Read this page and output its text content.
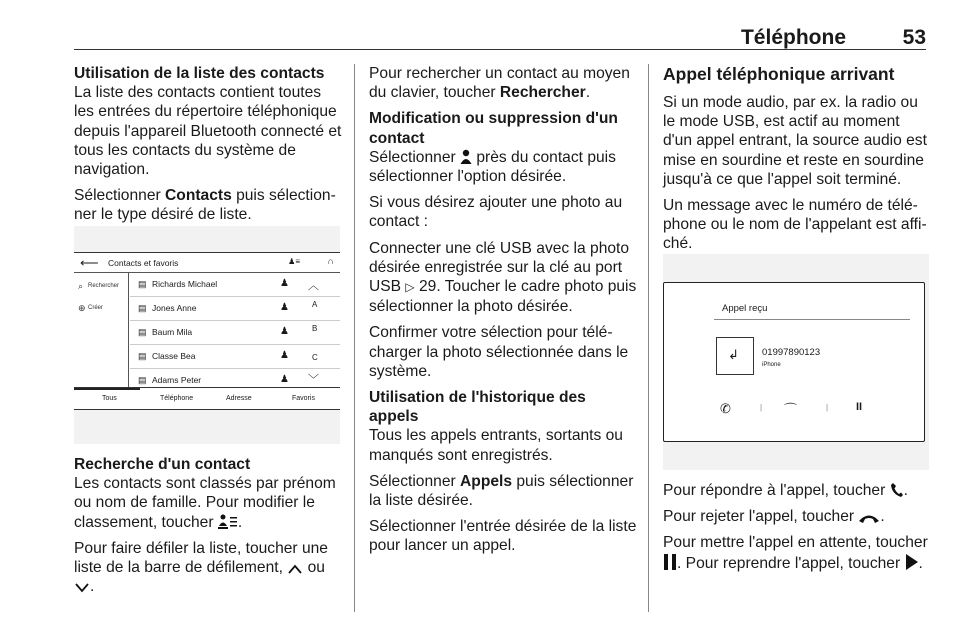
Téléphone	53
Utilisation de la liste des contacts

La liste des contacts contient toutes les entrées du répertoire téléphonique depuis l'appareil Bluetooth connecté et tous les contacts du système de navigation.

Sélectionner Contacts puis sélectionner le type désiré de liste.

⟵ Contacts et favoris	♟≡	∩
⌕ Rechercher
⊕ Créer
▤ Richards Michael	♟ ︿
▤ Jones Anne	♟	A
▤ Baum Mila	♟	B
▤ Classe Bea	♟	C
▤ Adams Peter	♟ ﹀
Tous	Téléphone	Adresse	Favoris
Recherche d'un contact

Les contacts sont classés par prénom ou nom de famille. Pour modifier le classement, toucher .

Pour faire défiler la liste, toucher une liste de la barre de défilement,  ou
.

Pour rechercher un contact au moyen du clavier, toucher Rechercher.

Modification ou suppression d'un contact

Sélectionner  près du contact puis sélectionner l'option désirée.

Si vous désirez ajouter une photo au contact :

Connecter une clé USB avec la photo désirée enregistrée sur la clé au port USB ▷ 29. Toucher le cadre photo puis sélectionner la photo désirée.

Confirmer votre sélection pour télécharger la photo sélectionnée dans le système.

Utilisation de l'historique des appels

Tous les appels entrants, sortants ou manqués sont enregistrés.

Sélectionner Appels puis sélectionner la liste désirée.

Sélectionner l'entrée désirée de la liste pour lancer un appel.

Appel téléphonique arrivant

Si un mode audio, par ex. la radio ou le mode USB, est actif au moment d'un appel entrant, la source audio est mise en sourdine et reste en sourdine jusqu'à ce que l'appel soit terminé.

Un message avec le numéro de téléphone ou le nom de l'appelant est affiché.

Appel reçu
↲ 01997890123
iPhone
✆	| ⌒	|	II

Pour répondre à l'appel, toucher .

Pour rejeter l'appel, toucher .

Pour mettre l'appel en attente, toucher . Pour reprendre l'appel, toucher .
